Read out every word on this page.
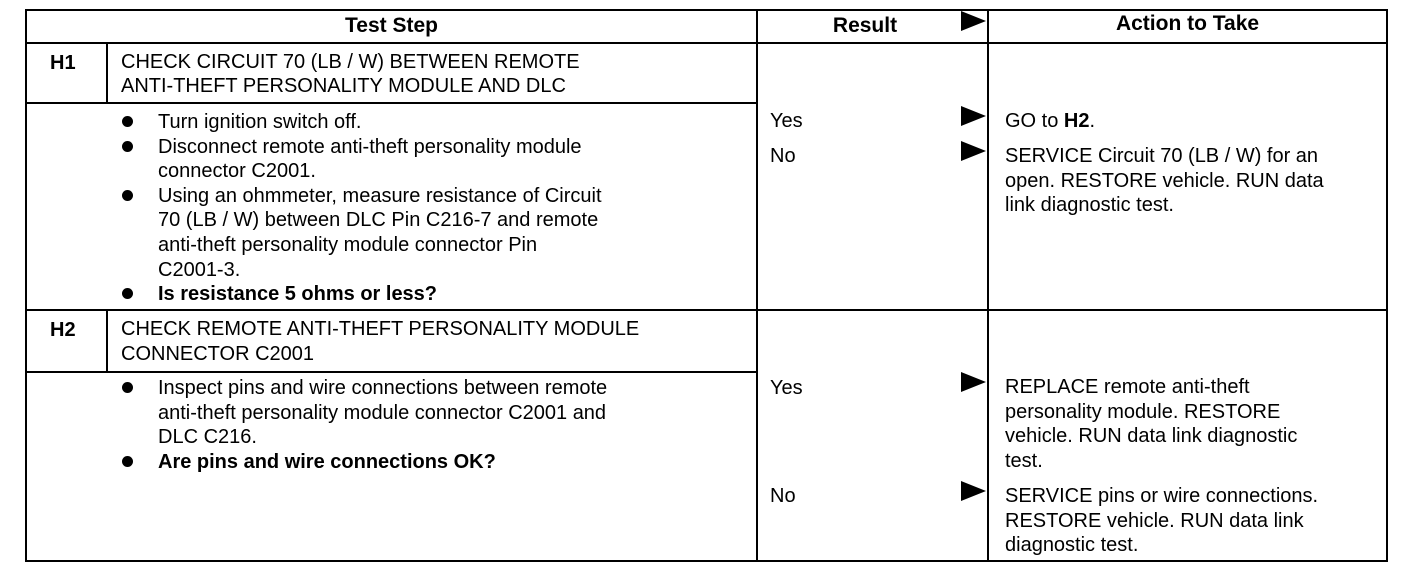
Test Step	Result	Action to Take
H1 CHECK CIRCUIT 70 (LB / W) BETWEEN REMOTE
ANTI-THEFT PERSONALITY MODULE AND DLC
Turn ignition switch off.
Disconnect remote anti-theft personality module
connector C2001.
Using an ohmmeter, measure resistance of Circuit
70 (LB / W) between DLC Pin C216-7 and remote
anti-theft personality module connector Pin
C2001-3.
Is resistance 5 ohms or less?
Yes	GO to H2.
No	SERVICE Circuit 70 (LB / W) for an
open. RESTORE vehicle. RUN data
link diagnostic test.
H2 CHECK REMOTE ANTI-THEFT PERSONALITY MODULE
CONNECTOR C2001
Inspect pins and wire connections between remote
anti-theft personality module connector C2001 and
DLC C216.
Are pins and wire connections OK?
Yes	REPLACE remote anti-theft
personality module. RESTORE
vehicle. RUN data link diagnostic
test.
No	SERVICE pins or wire connections.
RESTORE vehicle. RUN data link
diagnostic test.
